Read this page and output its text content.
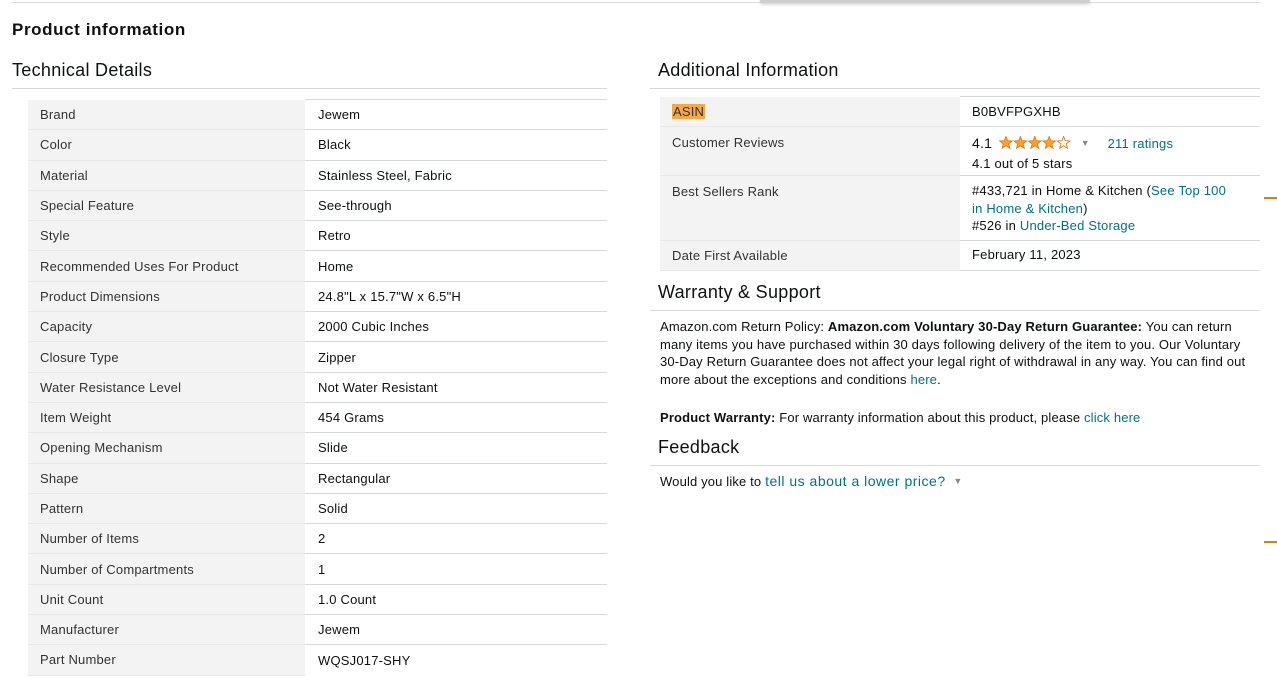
Product information
Technical Details
Brand	Jewem
Color	Black
Material	Stainless Steel, Fabric
Special Feature	See-through
Style	Retro
Recommended Uses For Product	Home
Product Dimensions	24.8"L x 15.7"W x 6.5"H
Capacity	2000 Cubic Inches
Closure Type	Zipper
Water Resistance Level	Not Water Resistant
Item Weight	454 Grams
Opening Mechanism	Slide
Shape	Rectangular
Pattern	Solid
Number of Items	2
Number of Compartments	1
Unit Count	1.0 Count
Manufacturer	Jewem
Part Number	WQSJ017-SHY
Additional Information
ASIN	B0BVFPGXHB
Customer Reviews	4.1 ▼ 211 ratings
4.1 out of 5 stars

Best Sellers Rank	#433,721 in Home & Kitchen (See Top 100 in Home & Kitchen)
#526 in Under-Bed Storage
Date First Available	February 11, 2023
Warranty & Support
Amazon.com Return Policy: Amazon.com Voluntary 30-Day Return Guarantee: You can return many items you have purchased within 30 days following delivery of the item to you. Our Voluntary 30-Day Return Guarantee does not affect your legal right of withdrawal in any way. You can find out more about the exceptions and conditions here.
Product Warranty: For warranty information about this product, please click here
Feedback
Would you like to tell us about a lower price? ▼
